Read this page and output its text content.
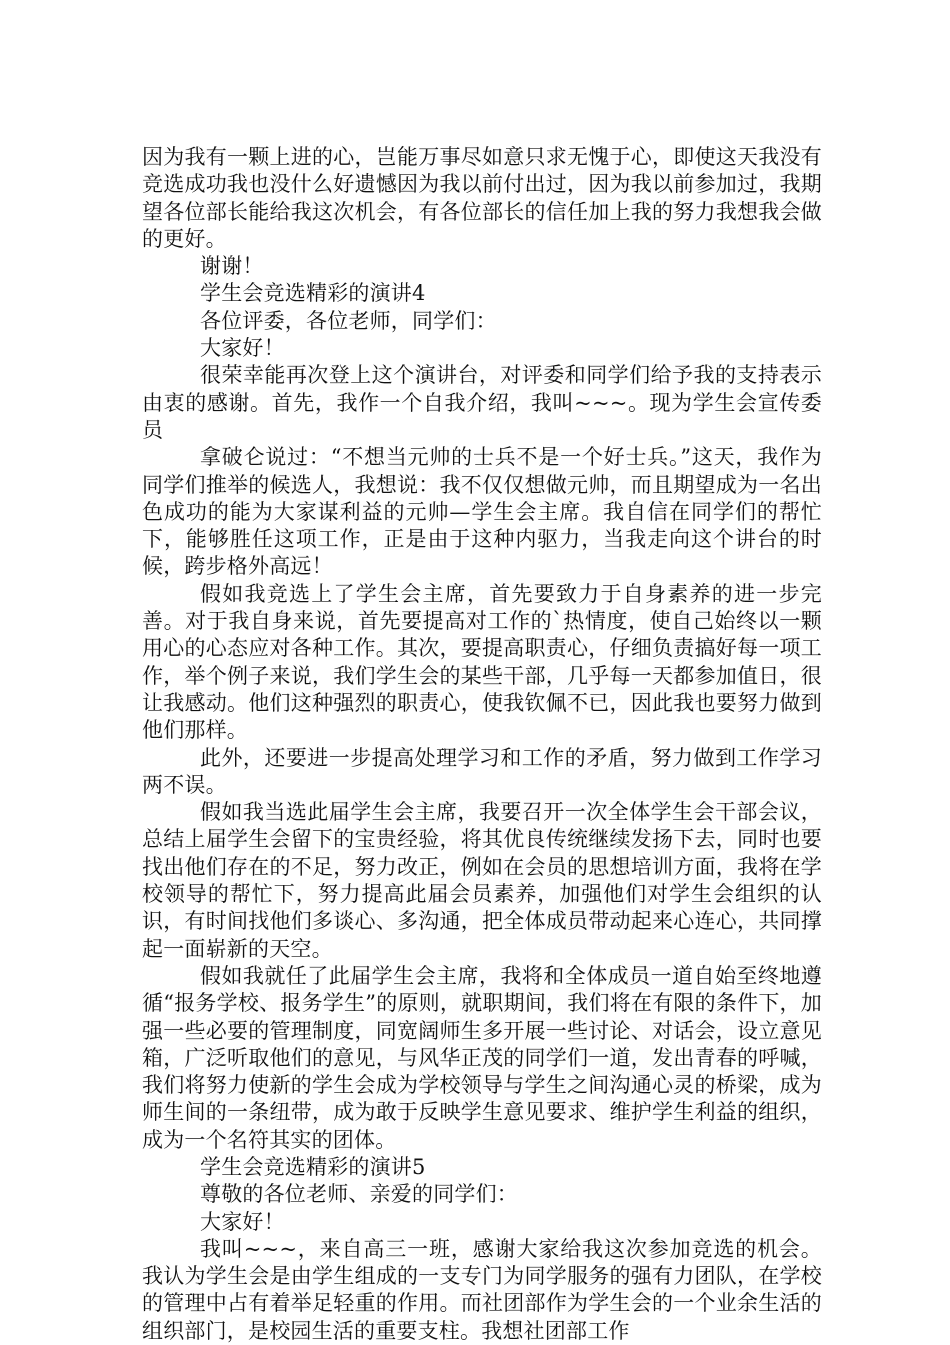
因为我有一颗上进的心，岂能万事尽如意只求无愧于心，即使这天我没有竞选成功我也没什么好遗憾因为我以前付出过，因为我以前参加过，我期望各位部长能给我这次机会，有各位部长的信任加上我的努力我想我会做的更好。

谢谢！

学生会竞选精彩的演讲4

各位评委，各位老师，同学们：

大家好！

很荣幸能再次登上这个演讲台，对评委和同学们给予我的支持表示由衷的感谢。首先，我作一个自我介绍，我叫~~~。现为学生会宣传委员

拿破仑说过：“不想当元帅的士兵不是一个好士兵。”这天，我作为同学们推举的候选人，我想说：我不仅仅想做元帅，而且期望成为一名出色成功的能为大家谋利益的元帅—学生会主席。我自信在同学们的帮忙下，能够胜任这项工作，正是由于这种内驱力，当我走向这个讲台的时候，跨步格外高远！

假如我竞选上了学生会主席，首先要致力于自身素养的进一步完善。对于我自身来说，首先要提高对工作的`热情度，使自己始终以一颗用心的心态应对各种工作。其次，要提高职责心，仔细负责搞好每一项工作，举个例子来说，我们学生会的某些干部，几乎每一天都参加值日，很让我感动。他们这种强烈的职责心，使我钦佩不已，因此我也要努力做到他们那样。

此外，还要进一步提高处理学习和工作的矛盾，努力做到工作学习两不误。

假如我当选此届学生会主席，我要召开一次全体学生会干部会议，总结上届学生会留下的宝贵经验，将其优良传统继续发扬下去，同时也要找出他们存在的不足，努力改正，例如在会员的思想培训方面，我将在学校领导的帮忙下，努力提高此届会员素养，加强他们对学生会组织的认识，有时间找他们多谈心、多沟通，把全体成员带动起来心连心，共同撑起一面崭新的天空。

假如我就任了此届学生会主席，我将和全体成员一道自始至终地遵循“报务学校、报务学生”的原则，就职期间，我们将在有限的条件下，加强一些必要的管理制度，同宽阔师生多开展一些讨论、对话会，设立意见箱，广泛听取他们的意见，与风华正茂的同学们一道，发出青春的呼喊，我们将努力使新的学生会成为学校领导与学生之间沟通心灵的桥梁，成为师生间的一条纽带，成为敢于反映学生意见要求、维护学生利益的组织，成为一个名符其实的团体。

学生会竞选精彩的演讲5

尊敬的各位老师、亲爱的同学们：

大家好！

我叫~~~，来自高三一班，感谢大家给我这次参加竞选的机会。我认为学生会是由学生组成的一支专门为同学服务的强有力团队，在学校的管理中占有着举足轻重的作用。而社团部作为学生会的一个业余生活的组织部门，是校园生活的重要支柱。我想社团部工作
